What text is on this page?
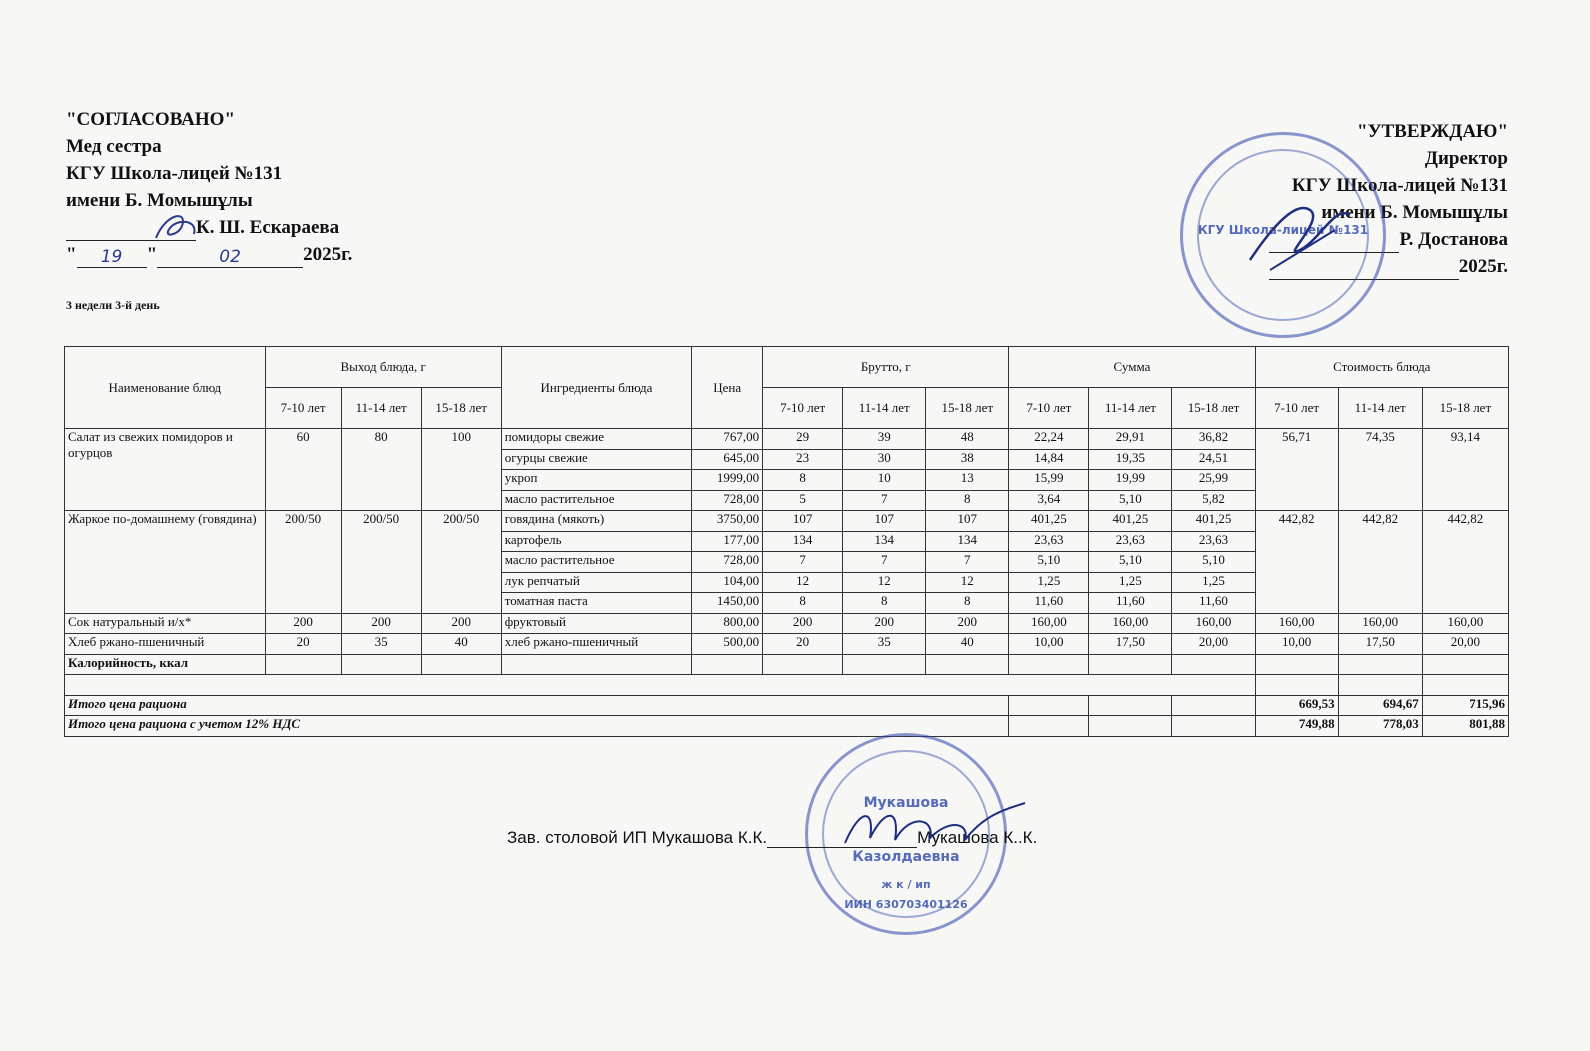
"СОГЛАСОВАНО"
Мед сестра
КГУ Школа-лицей №131
имени Б. Момышұлы
К. Ш. Ескараева
" 19 "	02	2025г.
"УТВЕРЖДАЮ"
Директор
КГУ Школа-лицей №131
имени Б. Момышұлы
Р. Достанова
2025г.
КГУ Школа-лицей №131
3 недели 3-й день
Наименование блюд	Выход блюда, г			Ингредиенты блюда	Цена	Брутто, г			Сумма			Стоимость блюда		
	7-10 лет	11-14 лет	15-18 лет			7-10 лет	11-14 лет	15-18 лет	7-10 лет	11-14 лет	15-18 лет	7-10 лет	11-14 лет	15-18 лет
Салат из свежих помидоров и огурцов	60	80	100	помидоры свежие	767,00	29	39	48	22,24	29,91	36,82	56,71	74,35	93,14
				огурцы свежие	645,00	23	30	38	14,84	19,35	24,51			
				укроп	1999,00	8	10	13	15,99	19,99	25,99			
				масло растительное	728,00	5	7	8	3,64	5,10	5,82			
Жаркое по-домашнему (говядина)	200/50	200/50	200/50	говядина (мякоть)	3750,00	107	107	107	401,25	401,25	401,25	442,82	442,82	442,82
				картофель	177,00	134	134	134	23,63	23,63	23,63			
				масло растительное	728,00	7	7	7	5,10	5,10	5,10			
				лук репчатый	104,00	12	12	12	1,25	1,25	1,25			
				томатная паста	1450,00	8	8	8	11,60	11,60	11,60			
Сок натуральный и/х*	200	200	200	фруктовый	800,00	200	200	200	160,00	160,00	160,00	160,00	160,00	160,00
Хлеб ржано-пшеничный	20	35	40	хлеб ржано-пшеничный	500,00	20	35	40	10,00	17,50	20,00	10,00	17,50	20,00
Калорийность, ккал														

Итого цена рациона												669,53	694,67	715,96
Итого цена рациона с учетом 12% НДС												749,88	778,03	801,88
Мукашова
Казолдаевна
ж к / ип
ИИН 630703401126
Зав. столовой ИП Мукашова К.К.	Мукашова К..К.
